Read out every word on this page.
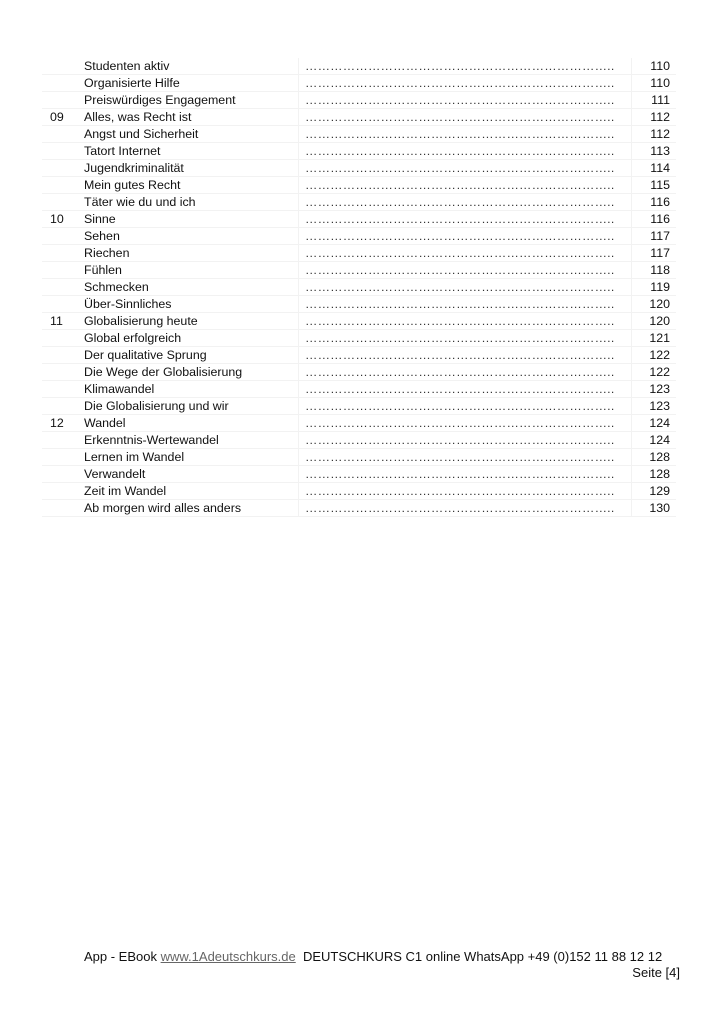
	Studenten aktiv	………………………………………………………………..	110
	Organisierte Hilfe	………………………………………………………………..	110
	Preiswürdiges Engagement	………………………………………………………………..	111
09	Alles, was Recht ist	………………………………………………………………..	112
	Angst und Sicherheit	………………………………………………………………..	112
	Tatort Internet	………………………………………………………………..	113
	Jugendkriminalität	………………………………………………………………..	114
	Mein gutes Recht	………………………………………………………………..	115
	Täter wie du und ich	………………………………………………………………..	116
10	Sinne	………………………………………………………………..	116
	Sehen	………………………………………………………………..	117
	Riechen	………………………………………………………………..	117
	Fühlen	………………………………………………………………..	118
	Schmecken	………………………………………………………………..	119
	Über-Sinnliches	………………………………………………………………..	120
11	Globalisierung heute	………………………………………………………………..	120
	Global erfolgreich	………………………………………………………………..	121
	Der qualitative Sprung	………………………………………………………………..	122
	Die Wege der Globalisierung	………………………………………………………………..	122
	Klimawandel	………………………………………………………………..	123
	Die Globalisierung und wir	………………………………………………………………..	123
12	Wandel	………………………………………………………………..	124
	Erkenntnis-Wertewandel	………………………………………………………………..	124
	Lernen im Wandel	………………………………………………………………..	128
	Verwandelt	………………………………………………………………..	128
	Zeit im Wandel	………………………………………………………………..	129
	Ab morgen wird alles anders	………………………………………………………………..	130
App - EBook www.1Adeutschkurs.de  DEUTSCHKURS C1 online WhatsApp +49 (0)152 11 88 12 12
Seite [4]
